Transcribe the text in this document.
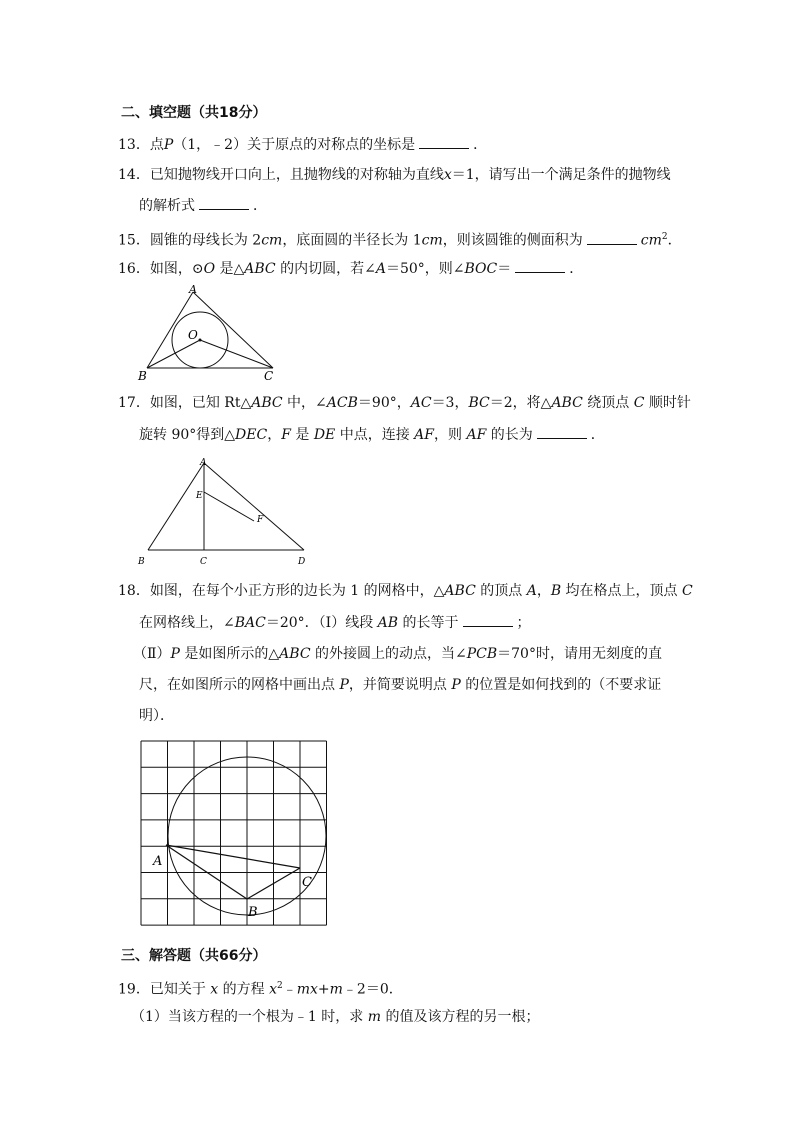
二、填空题（共18分）
13．点P（1，﹣2）关于原点的对称点的坐标是	．
14．已知抛物线开口向上，且抛物线的对称轴为直线x＝1，请写出一个满足条件的抛物线
的解析式	．
15．圆锥的母线长为 2cm，底面圆的半径长为 1cm，则该圆锥的侧面积为	$cm^2$．
16．如图，⊙O 是△ABC 的内切圆，若∠A＝50°，则∠BOC＝	．
A
O
B	C
17．如图，已知 Rt△ABC 中，∠ACB＝90°，AC＝3，BC＝2，将△ABC 绕顶点 C 顺时针
旋转 90°得到△DEC，F 是 DE 中点，连接 AF，则 AF 的长为	．
A
E
F
B	C	D
18．如图，在每个小正方形的边长为 1 的网格中，△ABC 的顶点 A，B 均在格点上，顶点 C
在网格线上，∠BAC＝20°．（Ⅰ）线段 AB 的长等于	；
（Ⅱ）P 是如图所示的△ABC 的外接圆上的动点，当∠PCB＝70°时，请用无刻度的直
尺，在如图所示的网格中画出点 P，并简要说明点 P 的位置是如何找到的（不要求证
明）．
A
B
C
三、解答题（共66分）
19．已知关于 x 的方程 $x^2﹣mx+m﹣2=0$．
（1）当该方程的一个根为﹣1 时，求 m 的值及该方程的另一根；
